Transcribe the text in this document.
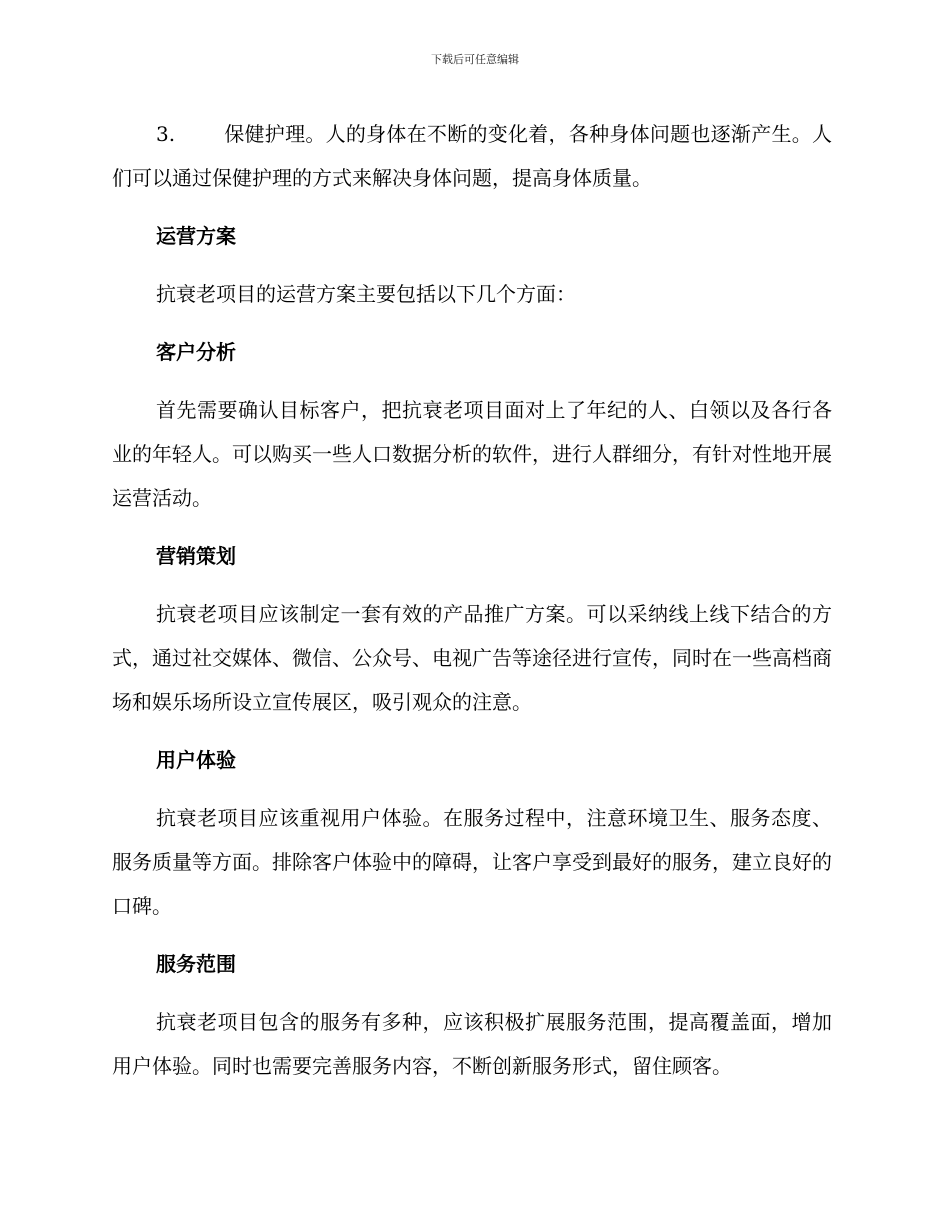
下载后可任意编辑

3. 保健护理。人的身体在不断的变化着，各种身体问题也逐渐产生。人们可以通过保健护理的方式来解决身体问题，提高身体质量。

运营方案

抗衰老项目的运营方案主要包括以下几个方面：

客户分析

首先需要确认目标客户，把抗衰老项目面对上了年纪的人、白领以及各行各业的年轻人。可以购买一些人口数据分析的软件，进行人群细分，有针对性地开展运营活动。

营销策划

抗衰老项目应该制定一套有效的产品推广方案。可以采纳线上线下结合的方式，通过社交媒体、微信、公众号、电视广告等途径进行宣传，同时在一些高档商场和娱乐场所设立宣传展区，吸引观众的注意。

用户体验

抗衰老项目应该重视用户体验。在服务过程中，注意环境卫生、服务态度、服务质量等方面。排除客户体验中的障碍，让客户享受到最好的服务，建立良好的口碑。

服务范围

抗衰老项目包含的服务有多种，应该积极扩展服务范围，提高覆盖面，增加用户体验。同时也需要完善服务内容，不断创新服务形式，留住顾客。
